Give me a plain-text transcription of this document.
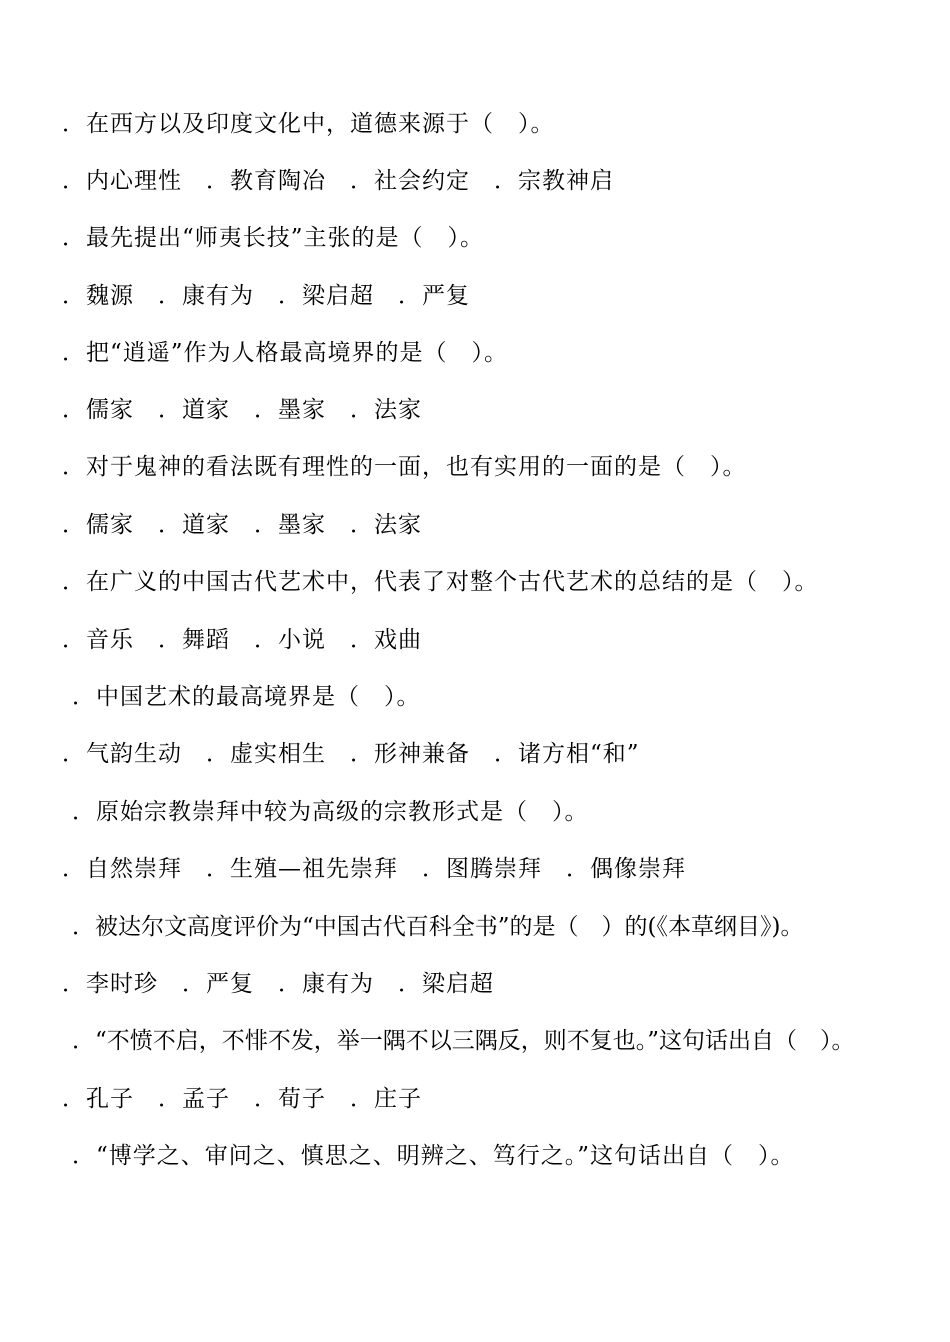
．在西方以及印度文化中，道德来源于（　）。
．内心理性　．教育陶冶　．社会约定　．宗教神启
．最先提出“师夷长技”主张的是（　）。
．魏源　．康有为　．梁启超　．严复
．把“逍遥”作为人格最高境界的是（　）。
．儒家　．道家　．墨家　．法家
．对于鬼神的看法既有理性的一面，也有实用的一面的是（　）。
．儒家　．道家　．墨家　．法家
．在广义的中国古代艺术中，代表了对整个古代艺术的总结的是（　）。
．音乐　．舞蹈　．小说　．戏曲
．中国艺术的最高境界是（　）。
．气韵生动　．虚实相生　．形神兼备　．诸方相“和”
．原始宗教崇拜中较为高级的宗教形式是（　）。
．自然崇拜　．生殖—祖先崇拜　．图腾崇拜　．偶像崇拜
．被达尔文高度评价为“中国古代百科全书”的是（　）的(《本草纲目》)。
．李时珍　．严复　．康有为　．梁启超
．“不愤不启，不悱不发，举一隅不以三隅反，则不复也。”这句话出自（　）。
．孔子　．孟子　．荀子　．庄子
．“博学之、审问之、慎思之、明辨之、笃行之。”这句话出自（　）。
